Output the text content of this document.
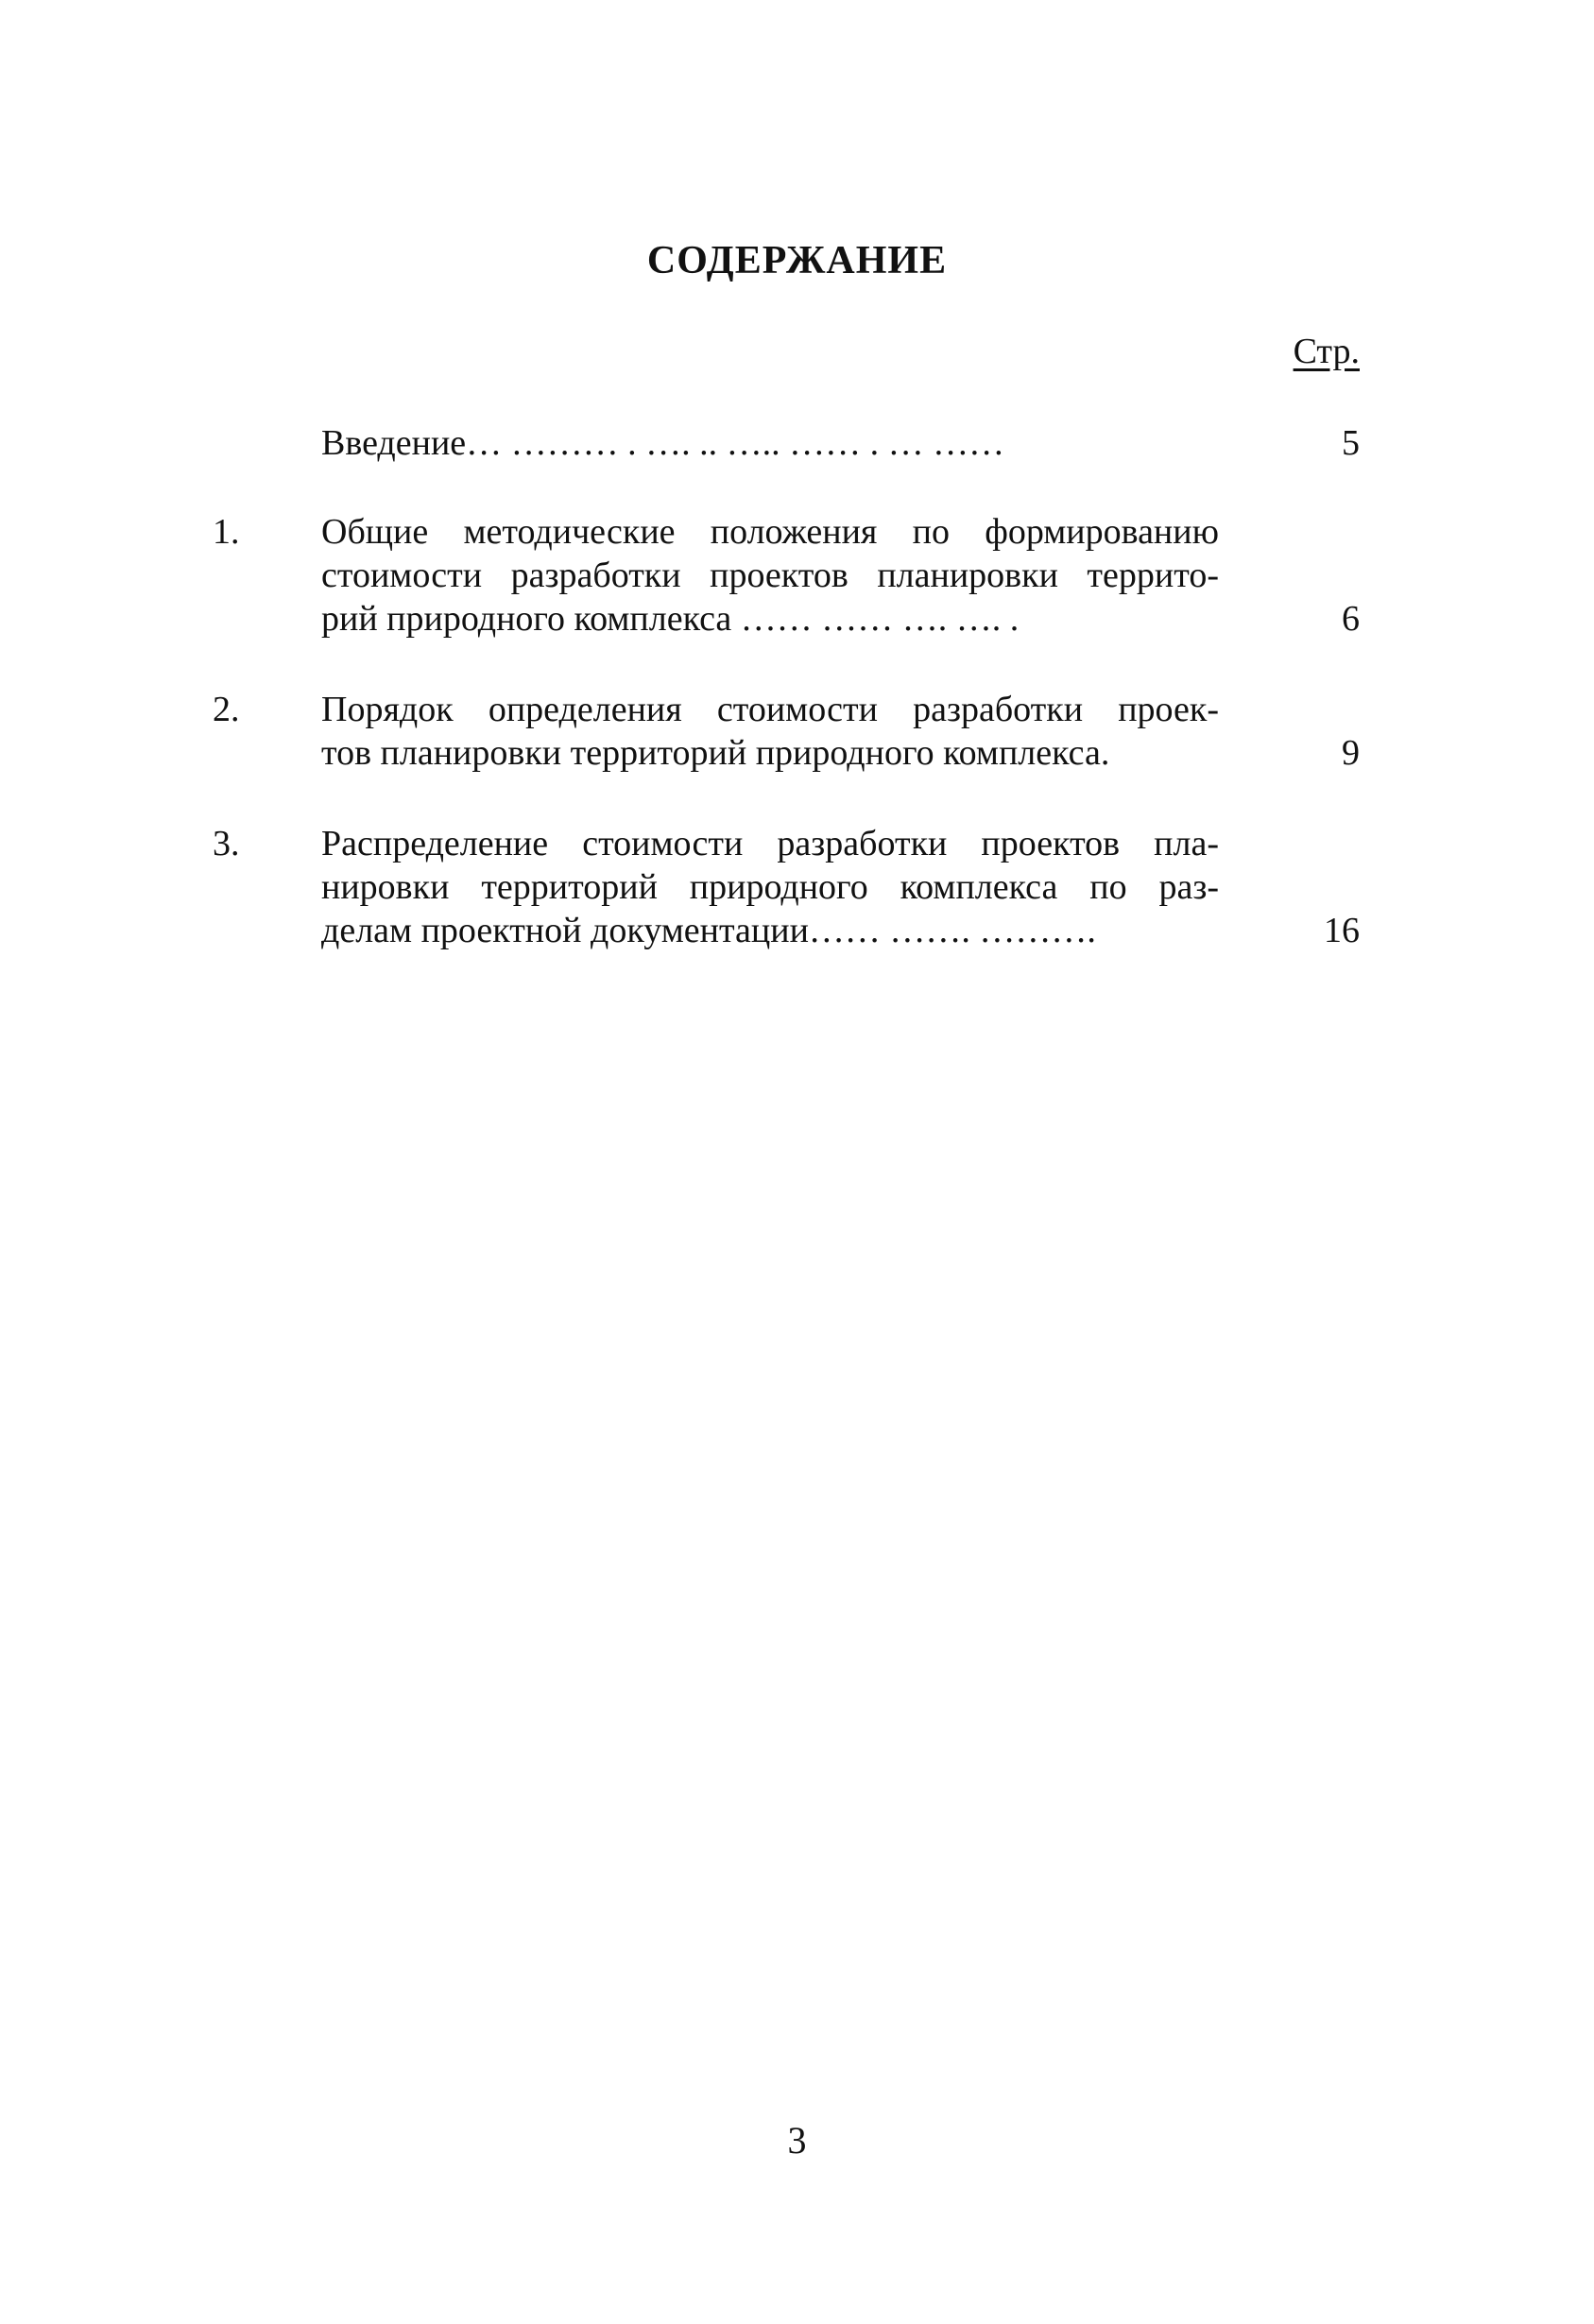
СОДЕРЖАНИЕ
Стр.
Введение… ……… . …. .. ….. …… . … ……	5
1. Общие методические положения по формированию
стоимости разработки проектов планировки террито-
рий природного комплекса …… …… …. …. .	6
2. Порядок определения стоимости разработки проек-
тов планировки территорий природного комплекса.	9
3. Распределение стоимости разработки проектов пла-
нировки территорий природного комплекса по раз-
делам проектной документации…… ……. ……….	16
3
